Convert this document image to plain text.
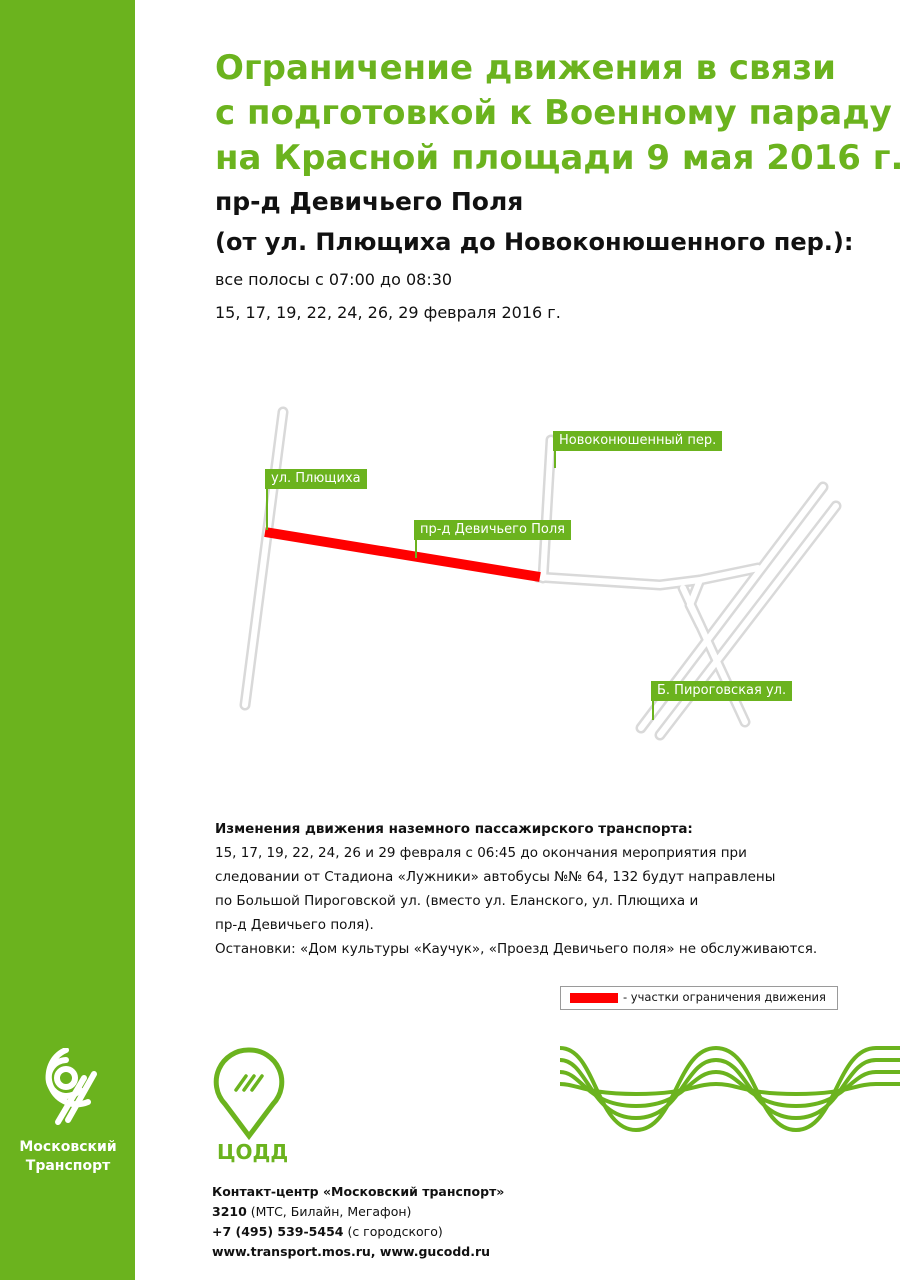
Московский
Транспорт
Ограничение движения в связи
с подготовкой к Военному параду
на Красной площади 9 мая 2016 г.
пр-д Девичьего Поля
(от ул. Плющиха до Новоконюшенного пер.):

все полосы с 07:00 до 08:30

15, 17, 19, 22, 24, 26, 29 февраля 2016 г.

ул. Плющиха
Новоконюшенный пер.
пр-д Девичьего Поля
Б. Пироговская ул.
Изменения движения наземного пассажирского транспорта:
15, 17, 19, 22, 24, 26 и 29 февраля с 06:45 до окончания мероприятия при
следовании от Стадиона «Лужники» автобусы №№ 64, 132 будут направлены
по Большой Пироговской ул. (вместо ул. Еланского, ул. Плющиха и
пр-д Девичьего поля).
Остановки: «Дом культуры «Каучук», «Проезд Девичьего поля» не обслуживаются.
- участки ограничения движения
ЦОДД
Контакт-центр «Московский транспорт»
3210 (МТС, Билайн, Мегафон)
+7 (495) 539-5454 (с городского)
www.transport.mos.ru, www.gucodd.ru
